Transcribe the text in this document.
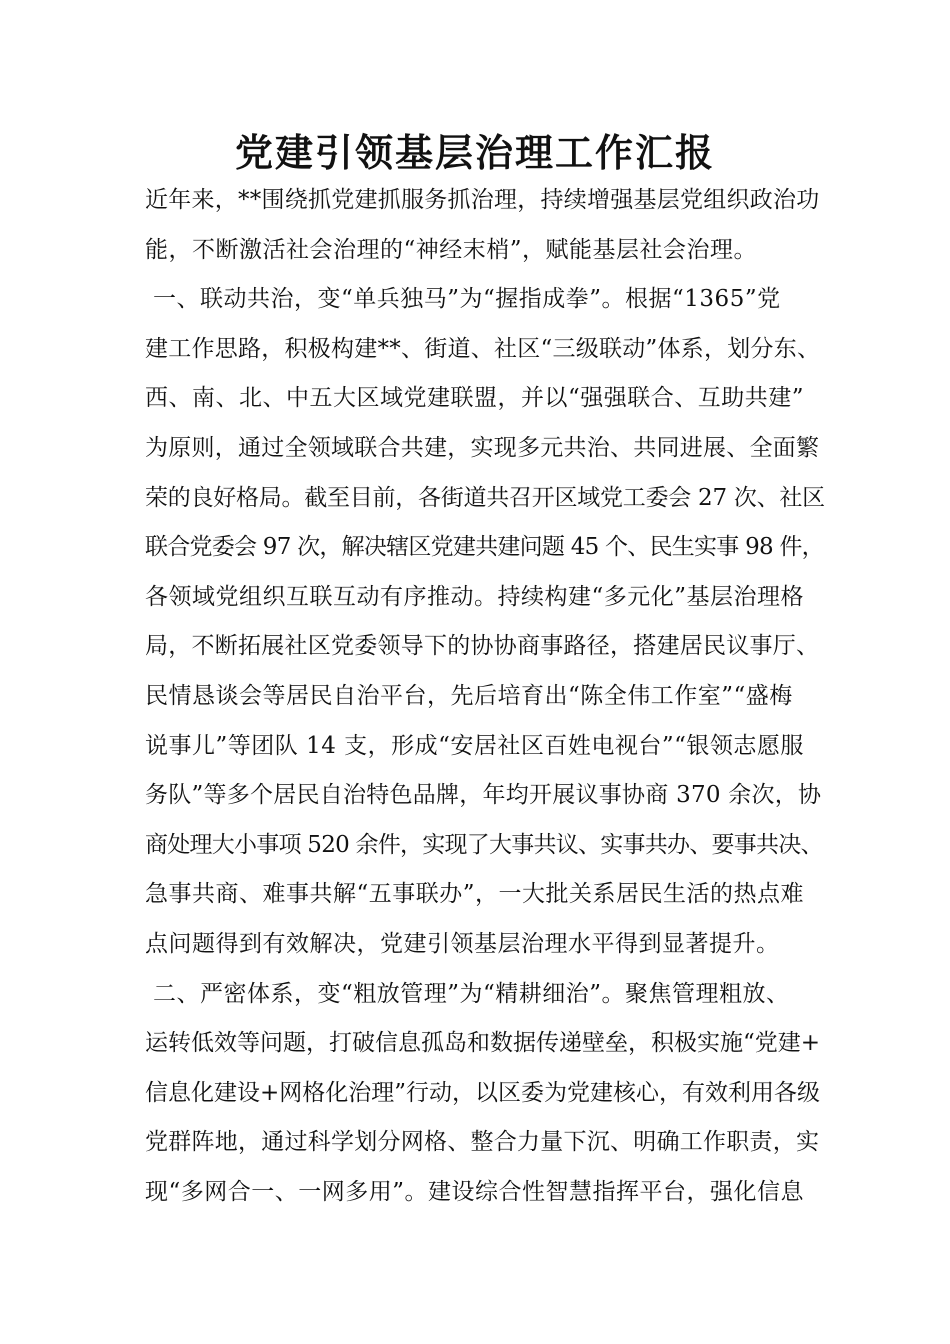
党建引领基层治理工作汇报
近年来，**围绕抓党建抓服务抓治理，持续增强基层党组织政治功
能，不断激活社会治理的“神经末梢”，赋能基层社会治理。
一、联动共治，变“单兵独马”为“握指成拳”。根据“1365”党
建工作思路，积极构建**、街道、社区“三级联动”体系，划分东、
西、南、北、中五大区域党建联盟，并以“强强联合、互助共建”
为原则，通过全领域联合共建，实现多元共治、共同进展、全面繁
荣的良好格局。截至目前，各街道共召开区域党工委会 27 次、社区
联合党委会 97 次，解决辖区党建共建问题 45 个、民生实事 98 件，
各领域党组织互联互动有序推动。持续构建“多元化”基层治理格
局，不断拓展社区党委领导下的协协商事路径，搭建居民议事厅、
民情恳谈会等居民自治平台，先后培育出“陈全伟工作室”“盛梅
说事儿”等团队 14 支，形成“安居社区百姓电视台”“银领志愿服
务队”等多个居民自治特色品牌，年均开展议事协商 370 余次，协
商处理大小事项 520 余件，实现了大事共议、实事共办、要事共决、
急事共商、难事共解“五事联办”，一大批关系居民生活的热点难
点问题得到有效解决，党建引领基层治理水平得到显著提升。
二、严密体系，变“粗放管理”为“精耕细治”。聚焦管理粗放、
运转低效等问题，打破信息孤岛和数据传递壁垒，积极实施“党建+
信息化建设+网格化治理”行动，以区委为党建核心，有效利用各级
党群阵地，通过科学划分网格、整合力量下沉、明确工作职责，实
现“多网合一、一网多用”。建设综合性智慧指挥平台，强化信息
